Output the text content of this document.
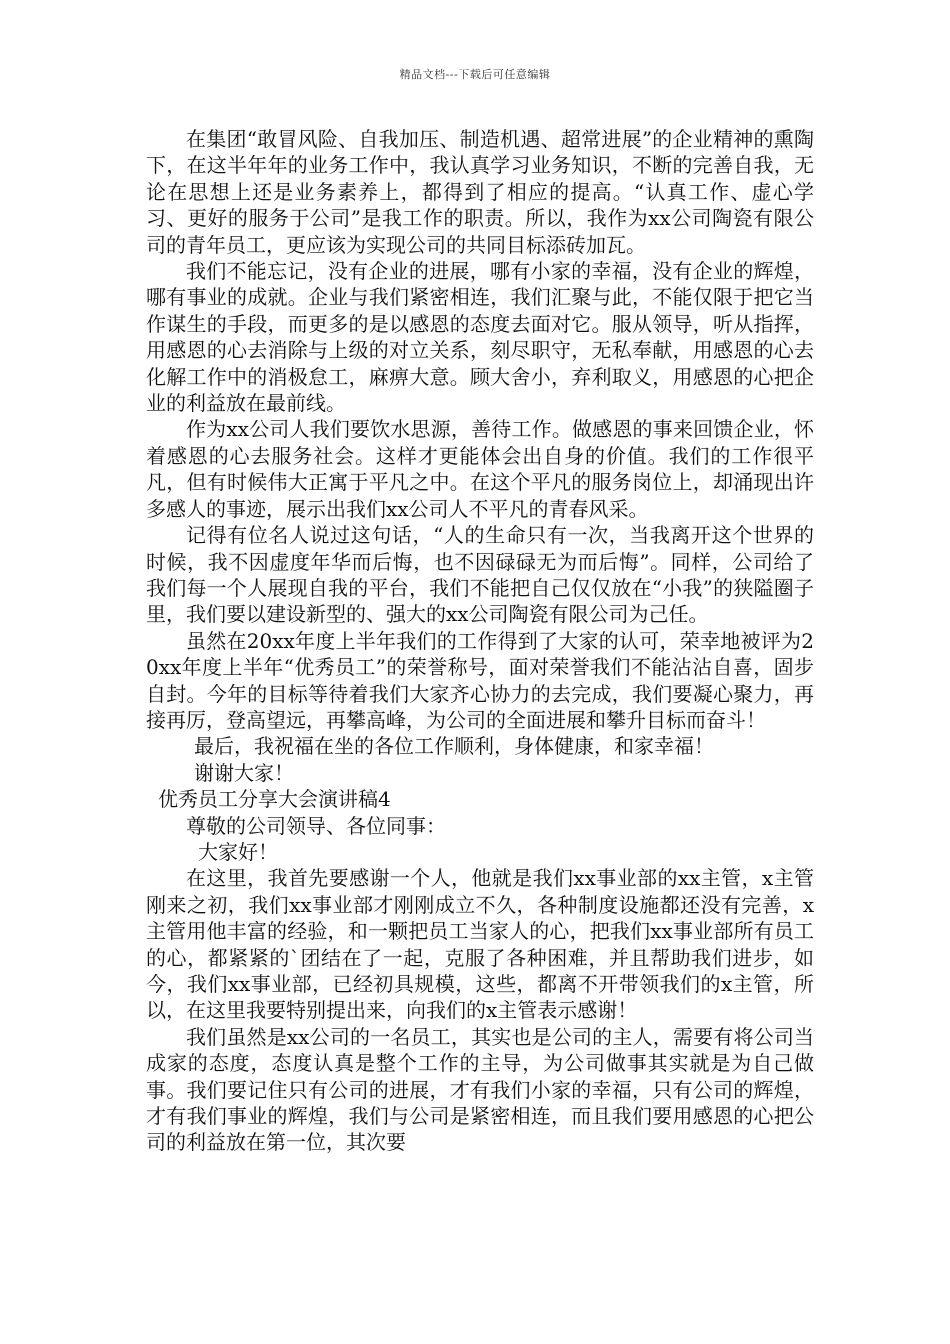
精品文档---下载后可任意编辑

在集团“敢冒风险、自我加压、制造机遇、超常进展”的企业精神的熏陶下，在这半年年的业务工作中，我认真学习业务知识，不断的完善自我，无论在思想上还是业务素养上，都得到了相应的提高。“认真工作、虚心学习、更好的服务于公司”是我工作的职责。所以，我作为xx公司陶瓷有限公司的青年员工，更应该为实现公司的共同目标添砖加瓦。

我们不能忘记，没有企业的进展，哪有小家的幸福，没有企业的辉煌，哪有事业的成就。企业与我们紧密相连，我们汇聚与此，不能仅限于把它当作谋生的手段，而更多的是以感恩的态度去面对它。服从领导，听从指挥，用感恩的心去消除与上级的对立关系，刻尽职守，无私奉献，用感恩的心去化解工作中的消极怠工，麻痹大意。顾大舍小，弃利取义，用感恩的心把企业的利益放在最前线。

作为xx公司人我们要饮水思源，善待工作。做感恩的事来回馈企业，怀着感恩的心去服务社会。这样才更能体会出自身的价值。我们的工作很平凡，但有时候伟大正寓于平凡之中。在这个平凡的服务岗位上，却涌现出许多感人的事迹，展示出我们xx公司人不平凡的青春风采。

记得有位名人说过这句话，“人的生命只有一次，当我离开这个世界的时候，我不因虚度年华而后悔，也不因碌碌无为而后悔”。同样，公司给了我们每一个人展现自我的平台，我们不能把自己仅仅放在“小我”的狭隘圈子里，我们要以建设新型的、强大的xx公司陶瓷有限公司为己任。

虽然在20xx年度上半年我们的工作得到了大家的认可，荣幸地被评为20xx年度上半年“优秀员工”的荣誉称号，面对荣誉我们不能沾沾自喜，固步自封。今年的目标等待着我们大家齐心协力的去完成，我们要凝心聚力，再接再厉，登高望远，再攀高峰，为公司的全面进展和攀升目标而奋斗！

最后，我祝福在坐的各位工作顺利，身体健康，和家幸福！

谢谢大家！

优秀员工分享大会演讲稿4

尊敬的公司领导、各位同事：

大家好！

在这里，我首先要感谢一个人，他就是我们xx事业部的xx主管，x主管刚来之初，我们xx事业部才刚刚成立不久，各种制度设施都还没有完善，x主管用他丰富的经验，和一颗把员工当家人的心，把我们xx事业部所有员工的心，都紧紧的`团结在了一起，克服了各种困难，并且帮助我们进步，如今，我们xx事业部，已经初具规模，这些，都离不开带领我们的x主管，所以，在这里我要特别提出来，向我们的x主管表示感谢！

我们虽然是xx公司的一名员工，其实也是公司的主人，需要有将公司当成家的态度，态度认真是整个工作的主导，为公司做事其实就是为自己做事。我们要记住只有公司的进展，才有我们小家的幸福，只有公司的辉煌，才有我们事业的辉煌，我们与公司是紧密相连，而且我们要用感恩的心把公司的利益放在第一位，其次要
